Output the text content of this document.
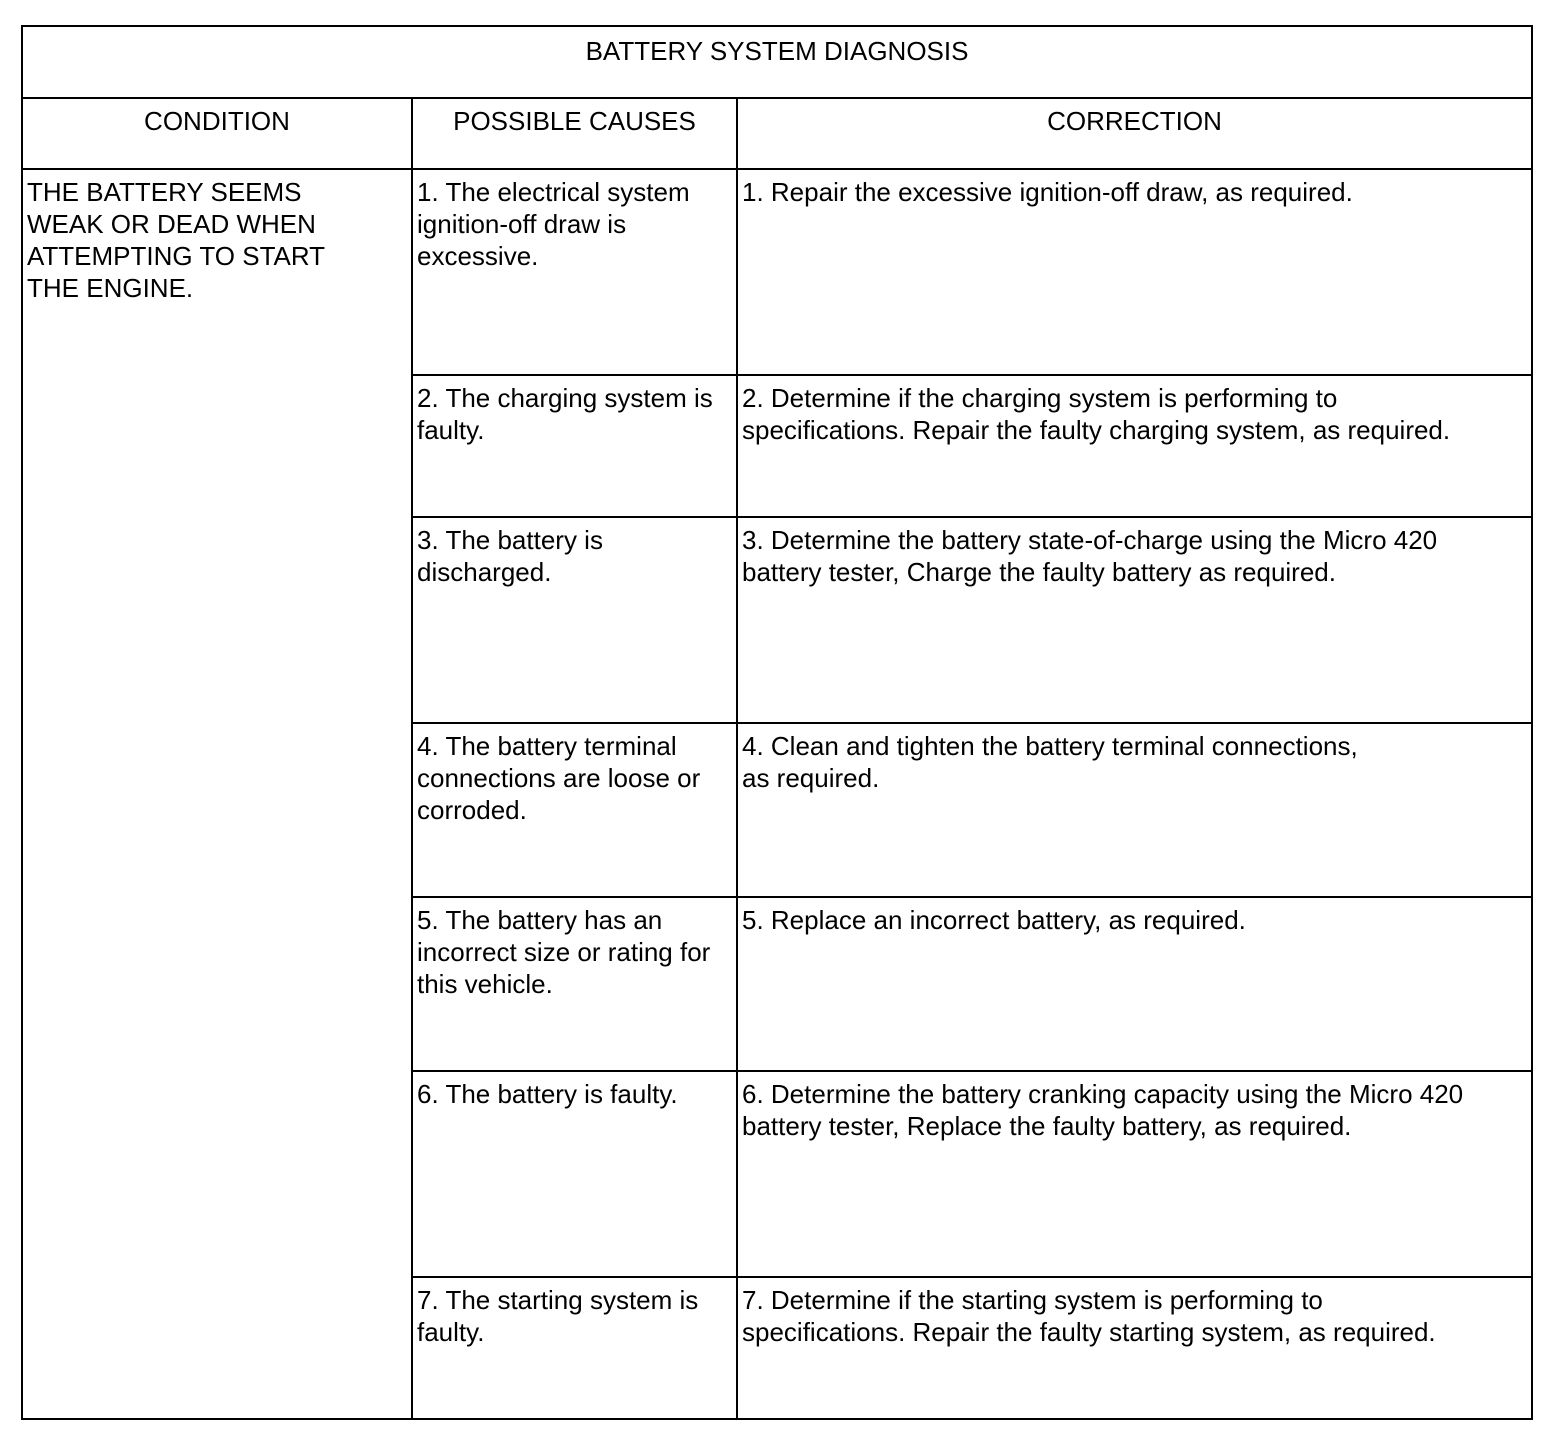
BATTERY SYSTEM DIAGNOSIS		
CONDITION	POSSIBLE CAUSES	CORRECTION
THE BATTERY SEEMS
WEAK OR DEAD WHEN
ATTEMPTING TO START
THE ENGINE.	1. The electrical system
ignition-off draw is
excessive.	1. Repair the excessive ignition-off draw, as required.
	2. The charging system is
faulty.	2. Determine if the charging system is performing to
specifications. Repair the faulty charging system, as required.
	3. The battery is
discharged.	3. Determine the battery state-of-charge using the Micro 420
battery tester, Charge the faulty battery as required.
	4. The battery terminal
connections are loose or
corroded.	4. Clean and tighten the battery terminal connections,
as required.
	5. The battery has an
incorrect size or rating for
this vehicle.	5. Replace an incorrect battery, as required.
	6. The battery is faulty.	6. Determine the battery cranking capacity using the Micro 420
battery tester, Replace the faulty battery, as required.
	7. The starting system is
faulty.	7. Determine if the starting system is performing to
specifications. Repair the faulty starting system, as required.
